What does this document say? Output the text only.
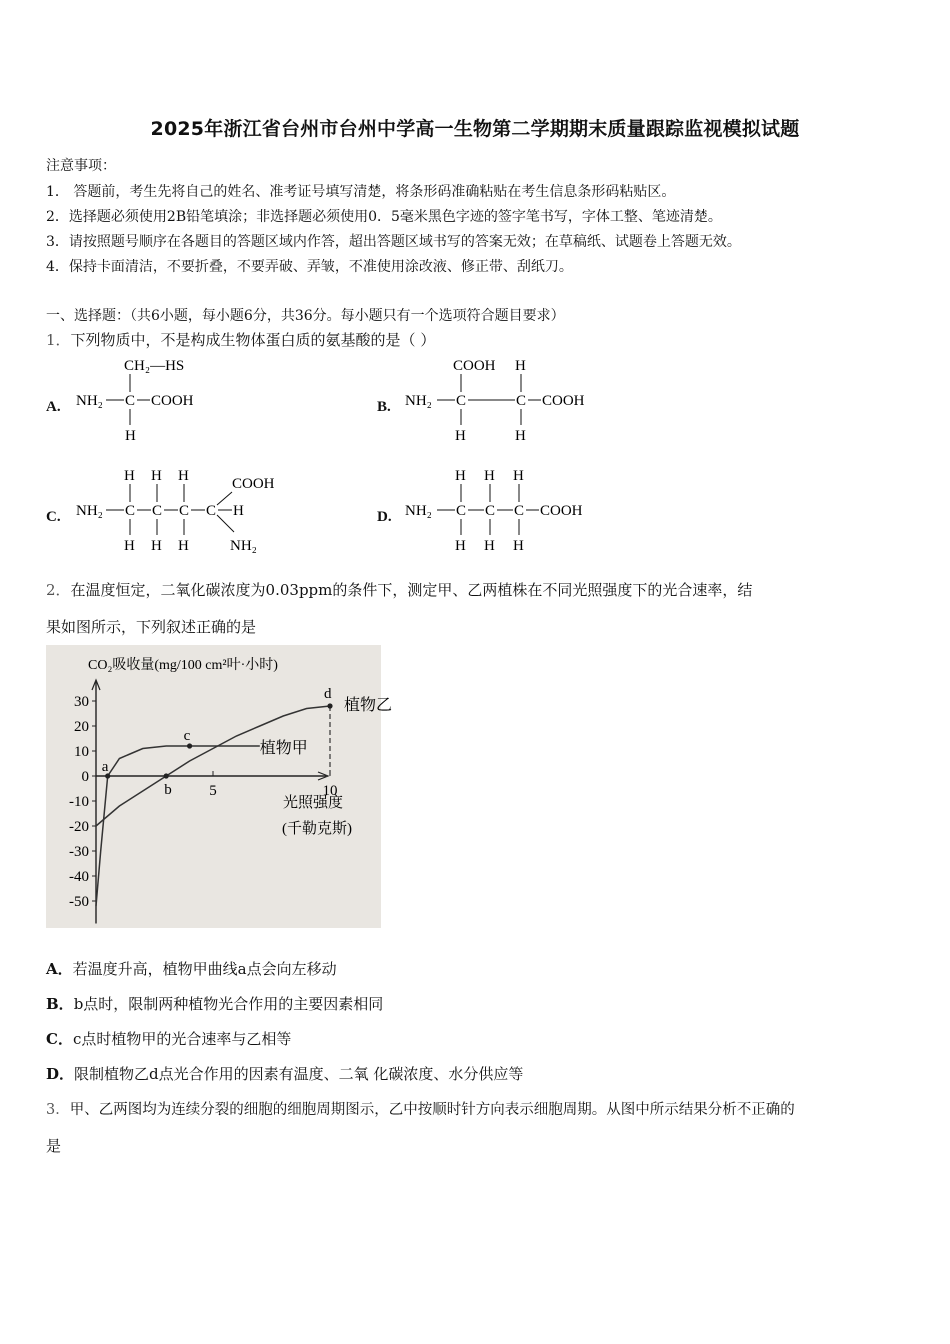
2025年浙江省台州市台州中学高一生物第二学期期末质量跟踪监视模拟试题
注意事项：
1． 答题前，考生先将自己的姓名、准考证号填写清楚，将条形码准确粘贴在考生信息条形码粘贴区。
2．选择题必须使用2B铅笔填涂；非选择题必须使用0．5毫米黑色字迹的签字笔书写，字体工整、笔迹清楚。
3．请按照题号顺序在各题目的答题区域内作答，超出答题区域书写的答案无效；在草稿纸、试题卷上答题无效。
4．保持卡面清洁，不要折叠，不要弄破、弄皱，不准使用涂改液、修正带、刮纸刀。
一、选择题：（共6小题，每小题6分，共36分。每小题只有一个选项符合题目要求）
1．下列物质中，不是构成生物体蛋白质的氨基酸的是（ ）
A.	B.
C.	D.
CH₂—HS
NH₂ C COOH
H
COOH H
NH₂ C	C COOH
H	H
H H H	COOH
NH₂ C C C C H
H H H	NH₂
H H H
NH₂ C C C COOH
H H H
2．在温度恒定，二氧化碳浓度为0.03ppm的条件下，测定甲、乙两植株在不同光照强度下的光合速率，结
果如图所示，下列叙述正确的是
CO₂吸收量(mg/100 cm²叶·小时)
光照强度
(千勒克斯)
30
20
10
0
-10
-20
-30
-40
-50
5	10
植物甲
植物乙
a
b
c
d
A．若温度升高，植物甲曲线a点会向左移动
B．b点时，限制两种植物光合作用的主要因素相同
C．c点时植物甲的光合速率与乙相等
D．限制植物乙d点光合作用的因素有温度、二氧 化碳浓度、水分供应等
3．甲、乙两图均为连续分裂的细胞的细胞周期图示，乙中按顺时针方向表示细胞周期。从图中所示结果分析不正确的
是
